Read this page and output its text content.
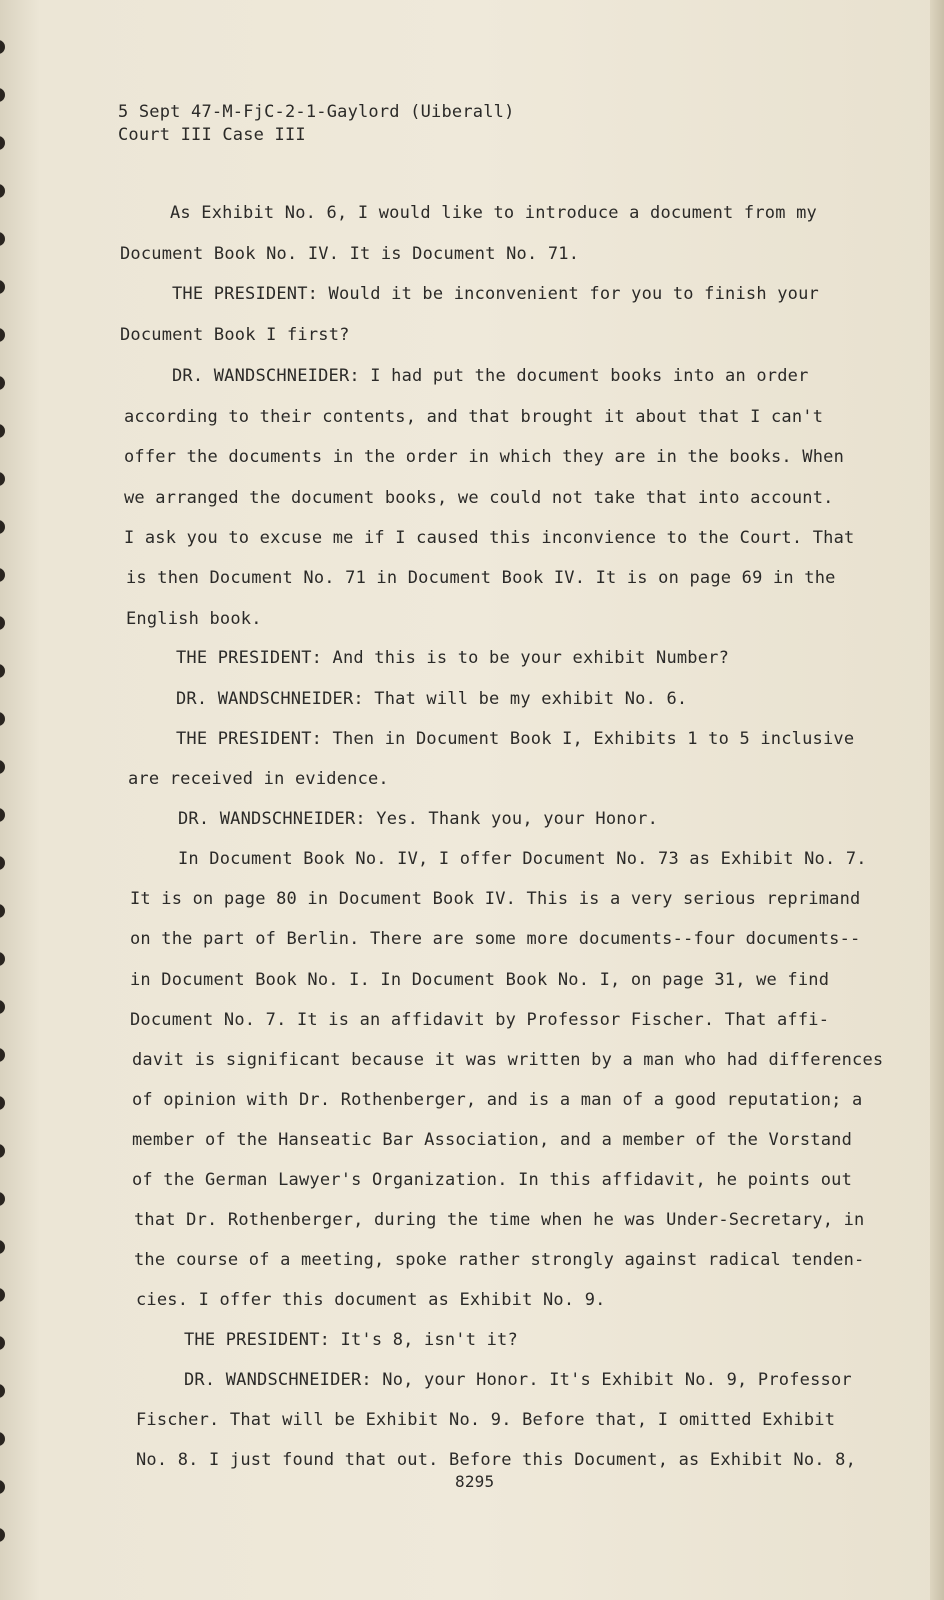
5 Sept 47-M-FjC-2-1-Gaylord (Uiberall)
Court III Case III
As Exhibit No. 6, I would like to introduce a document from my
Document Book No. IV. It is Document No. 71.
THE PRESIDENT: Would it be inconvenient for you to finish your
Document Book I first?
DR. WANDSCHNEIDER: I had put the document books into an order
according to their contents, and that brought it about that I can't
offer the documents in the order in which they are in the books. When
we arranged the document books, we could not take that into account.
I ask you to excuse me if I caused this inconvience to the Court. That
is then Document No. 71 in Document Book IV. It is on page 69 in the
English book.
THE PRESIDENT: And this is to be your exhibit Number?
DR. WANDSCHNEIDER: That will be my exhibit No. 6.
THE PRESIDENT: Then in Document Book I, Exhibits 1 to 5 inclusive
are received in evidence.
DR. WANDSCHNEIDER: Yes. Thank you, your Honor.
In Document Book No. IV, I offer Document No. 73 as Exhibit No. 7.
It is on page 80 in Document Book IV. This is a very serious reprimand
on the part of Berlin. There are some more documents--four documents--
in Document Book No. I. In Document Book No. I, on page 31, we find
Document No. 7. It is an affidavit by Professor Fischer. That affi-
davit is significant because it was written by a man who had differences
of opinion with Dr. Rothenberger, and is a man of a good reputation; a
member of the Hanseatic Bar Association, and a member of the Vorstand
of the German Lawyer's Organization. In this affidavit, he points out
that Dr. Rothenberger, during the time when he was Under-Secretary, in
the course of a meeting, spoke rather strongly against radical tenden-
cies. I offer this document as Exhibit No. 9.
THE PRESIDENT: It's 8, isn't it?
DR. WANDSCHNEIDER: No, your Honor. It's Exhibit No. 9, Professor
Fischer. That will be Exhibit No. 9. Before that, I omitted Exhibit
No. 8. I just found that out. Before this Document, as Exhibit No. 8,
8295
